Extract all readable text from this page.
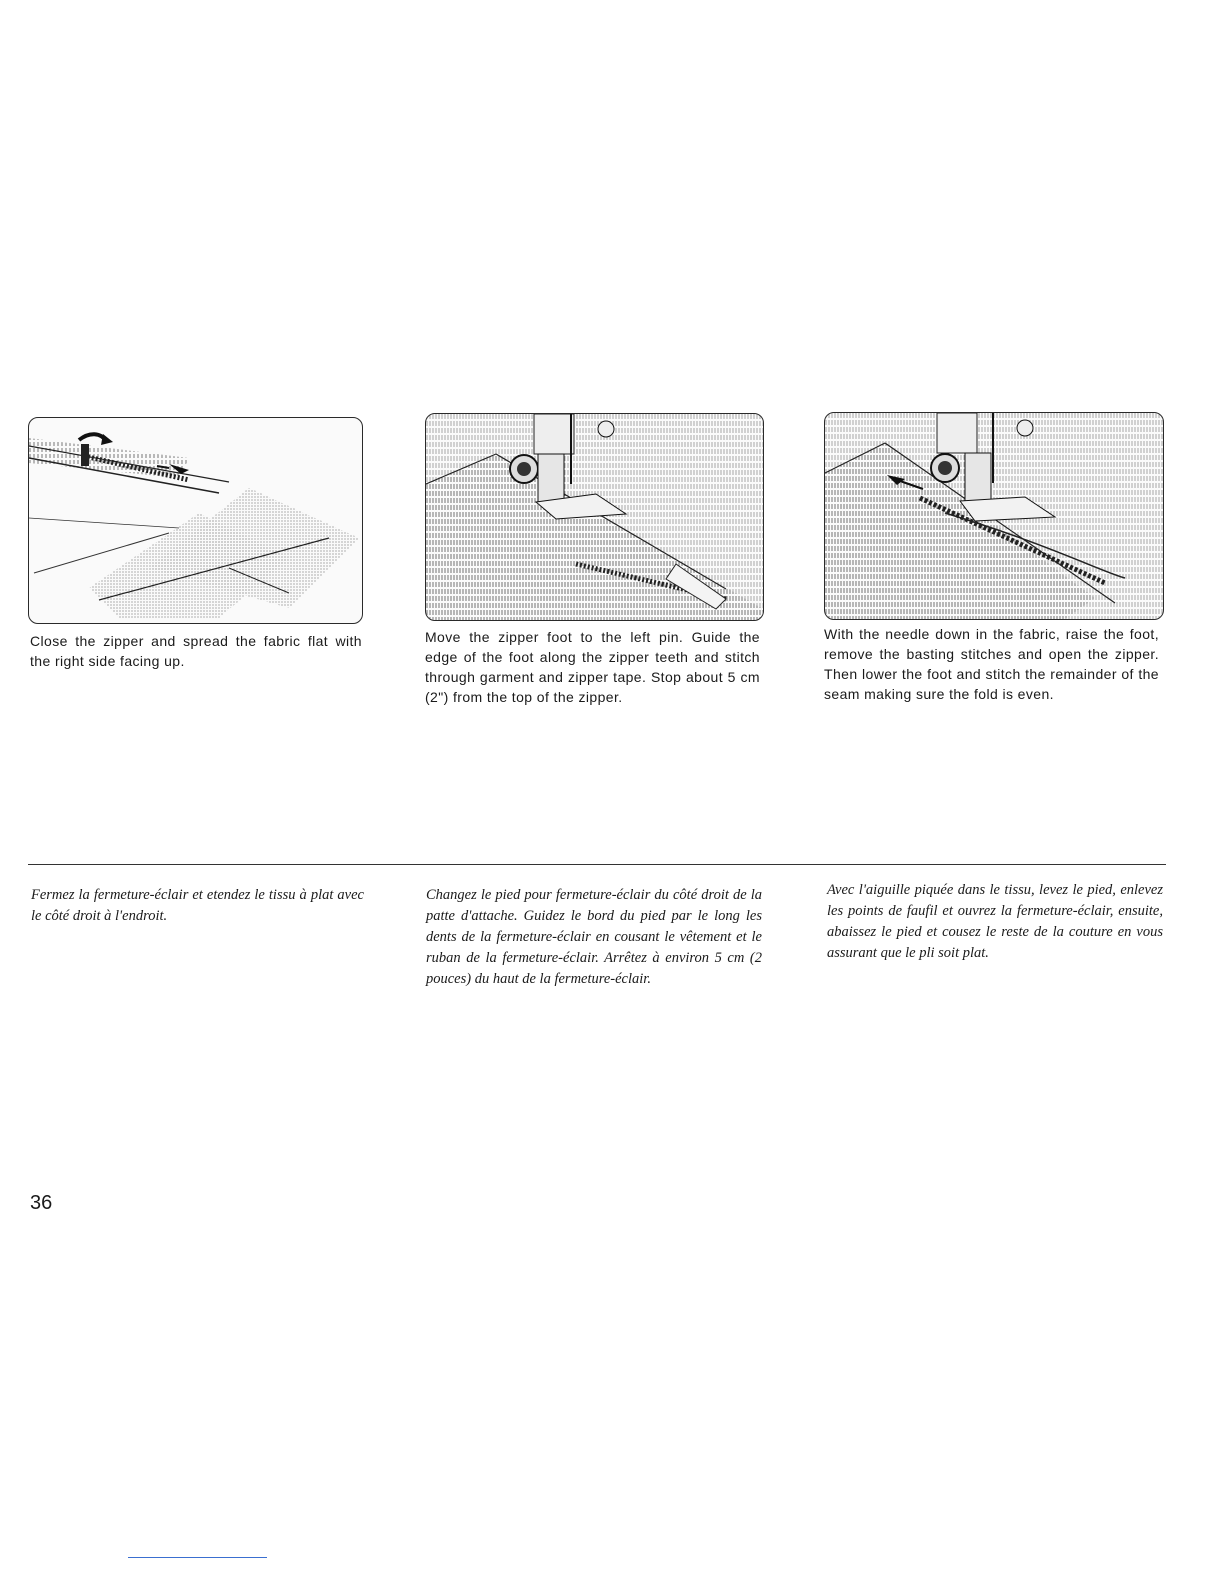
Close the zipper and spread the fabric flat with the right side facing up.

Move the zipper foot to the left pin. Guide the edge of the foot along the zipper teeth and stitch through garment and zipper tape. Stop about 5 cm (2") from the top of the zipper.

With the needle down in the fabric, raise the foot, remove the basting stitches and open the zipper. Then lower the foot and stitch the remainder of the seam making sure the fold is even.

Fermez la fermeture-éclair et etendez le tissu à plat avec le côté droit à l'endroit.

Changez le pied pour fermeture-éclair du côté droit de la patte d'attache. Guidez le bord du pied par le long les dents de la fermeture-éclair en cousant le vêtement et le ruban de la fermeture-éclair. Arrêtez à environ 5 cm (2 pouces) du haut de la fermeture-éclair.

Avec l'aiguille piquée dans le tissu, levez le pied, enlevez les points de faufil et ouvrez la fermeture-éclair, ensuite, abaissez le pied et cousez le reste de la couture en vous assurant que le pli soit plat.

36
